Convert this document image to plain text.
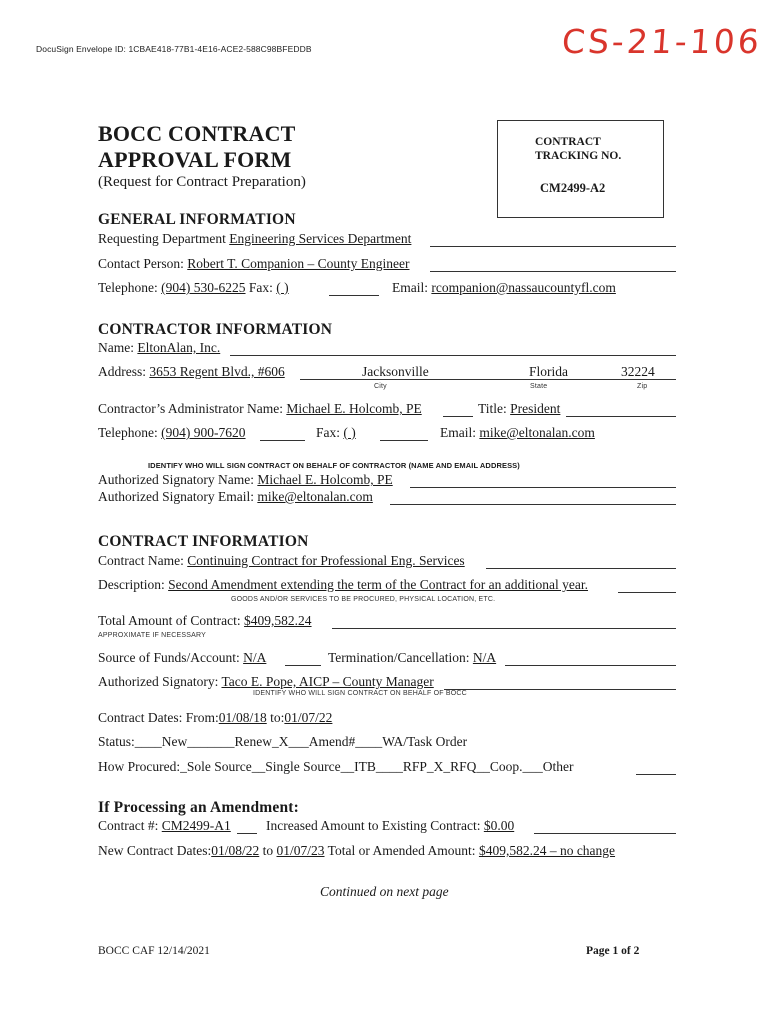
DocuSign Envelope ID: 1CBAE418-77B1-4E16-ACE2-588C98BFEDDB	CS-21-106
BOCC CONTRACT
APPROVAL FORM
(Request for Contract Preparation)
CONTRACT
TRACKING NO.
CM2499-A2
GENERAL INFORMATION
Requesting Department Engineering Services Department
Contact Person: Robert T. Companion – County Engineer
Telephone: (904) 530-6225 Fax: ( )	Email: rcompanion@nassaucountyfl.com
CONTRACTOR INFORMATION
Name: EltonAlan, Inc.
Address: 3653 Regent Blvd., #606	Jacksonville	Florida	32224
City	State	Zip
Contractor’s Administrator Name: Michael E. Holcomb, PE	Title: President
Telephone: (904) 900-7620	Fax: ( )	Email: mike@eltonalan.com
IDENTIFY WHO WILL SIGN CONTRACT ON BEHALF OF CONTRACTOR (NAME AND EMAIL ADDRESS)
Authorized Signatory Name: Michael E. Holcomb, PE
Authorized Signatory Email: mike@eltonalan.com
CONTRACT INFORMATION
Contract Name: Continuing Contract for Professional Eng. Services
Description: Second Amendment extending the term of the Contract for an additional year.
GOODS AND/OR SERVICES TO BE PROCURED, PHYSICAL LOCATION, ETC.
Total Amount of Contract: $409,582.24
APPROXIMATE IF NECESSARY
Source of Funds/Account: N/A	Termination/Cancellation: N/A
Authorized Signatory: Taco E. Pope, AICP – County Manager
IDENTIFY WHO WILL SIGN CONTRACT ON BEHALF OF BOCC
Contract Dates: From:01/08/18 to:01/07/22
Status:____New_______Renew_X___Amend#____WA/Task Order
How Procured:_Sole Source__Single Source__ITB____RFP_X_RFQ__Coop.___Other
If Processing an Amendment:
Contract #: CM2499-A1	Increased Amount to Existing Contract: $0.00
New Contract Dates:01/08/22 to 01/07/23 Total or Amended Amount: $409,582.24 – no change
Continued on next page
BOCC CAF 12/14/2021	Page 1 of 2
